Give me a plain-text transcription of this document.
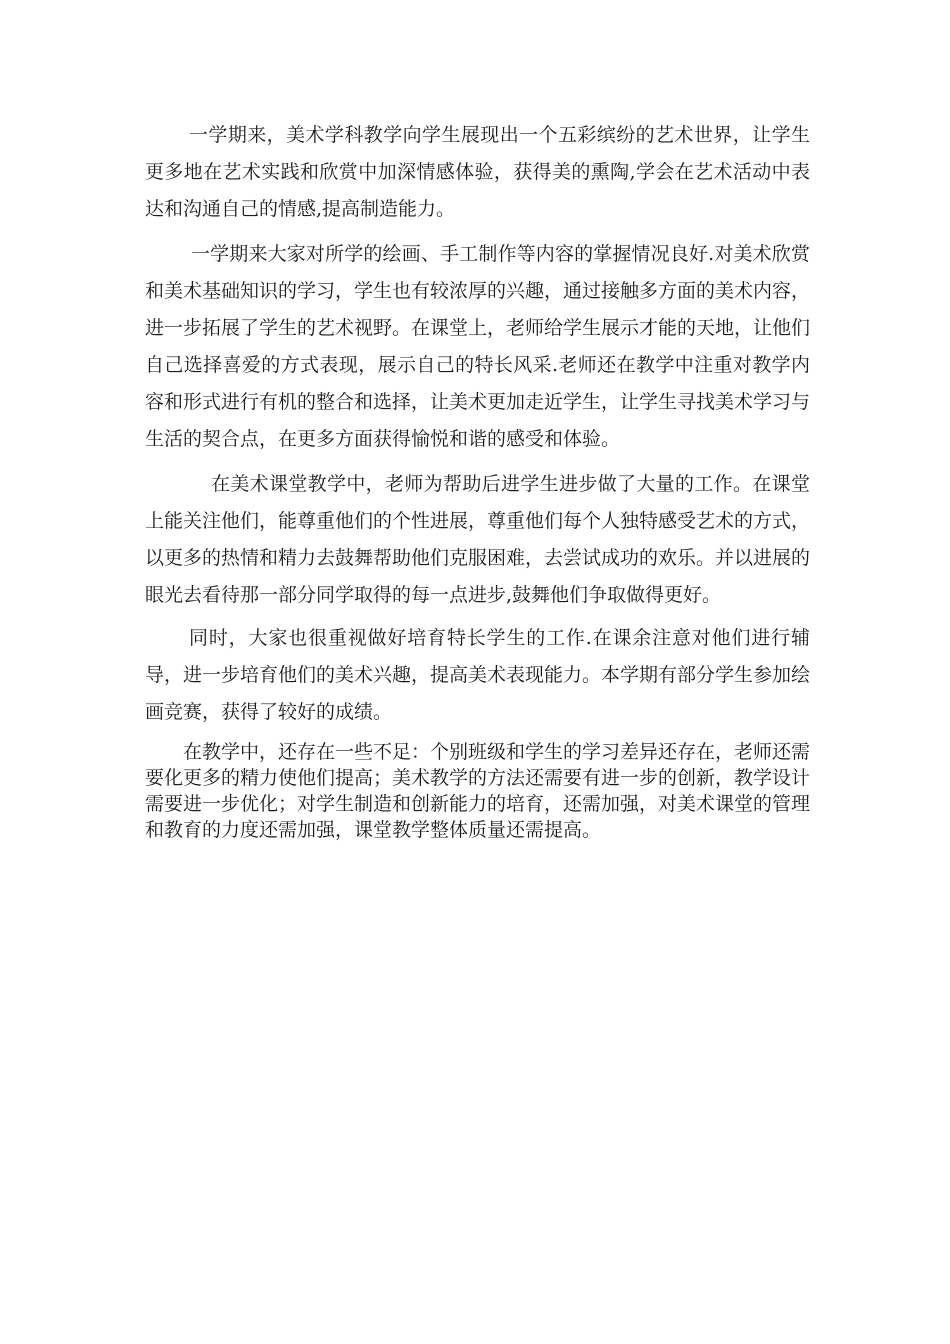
一学期来，美术学科教学向学生展现出一个五彩缤纷的艺术世界，让学生更多地在艺术实践和欣赏中加深情感体验，获得美的熏陶,学会在艺术活动中表达和沟通自己的情感,提高制造能力。

一学期来大家对所学的绘画、手工制作等内容的掌握情况良好.对美术欣赏和美术基础知识的学习，学生也有较浓厚的兴趣，通过接触多方面的美术内容，进一步拓展了学生的艺术视野。在课堂上，老师给学生展示才能的天地，让他们自己选择喜爱的方式表现，展示自己的特长风采.老师还在教学中注重对教学内容和形式进行有机的整合和选择，让美术更加走近学生，让学生寻找美术学习与生活的契合点，在更多方面获得愉悦和谐的感受和体验。

在美术课堂教学中，老师为帮助后进学生进步做了大量的工作。在课堂上能关注他们，能尊重他们的个性进展，尊重他们每个人独特感受艺术的方式，以更多的热情和精力去鼓舞帮助他们克服困难，去尝试成功的欢乐。并以进展的眼光去看待那一部分同学取得的每一点进步,鼓舞他们争取做得更好。

同时，大家也很重视做好培育特长学生的工作.在课余注意对他们进行辅导，进一步培育他们的美术兴趣，提高美术表现能力。本学期有部分学生参加绘画竞赛，获得了较好的成绩。

在教学中，还存在一些不足：个别班级和学生的学习差异还存在，老师还需要化更多的精力使他们提高；美术教学的方法还需要有进一步的创新，教学设计需要进一步优化；对学生制造和创新能力的培育，还需加强，对美术课堂的管理和教育的力度还需加强，课堂教学整体质量还需提高。
